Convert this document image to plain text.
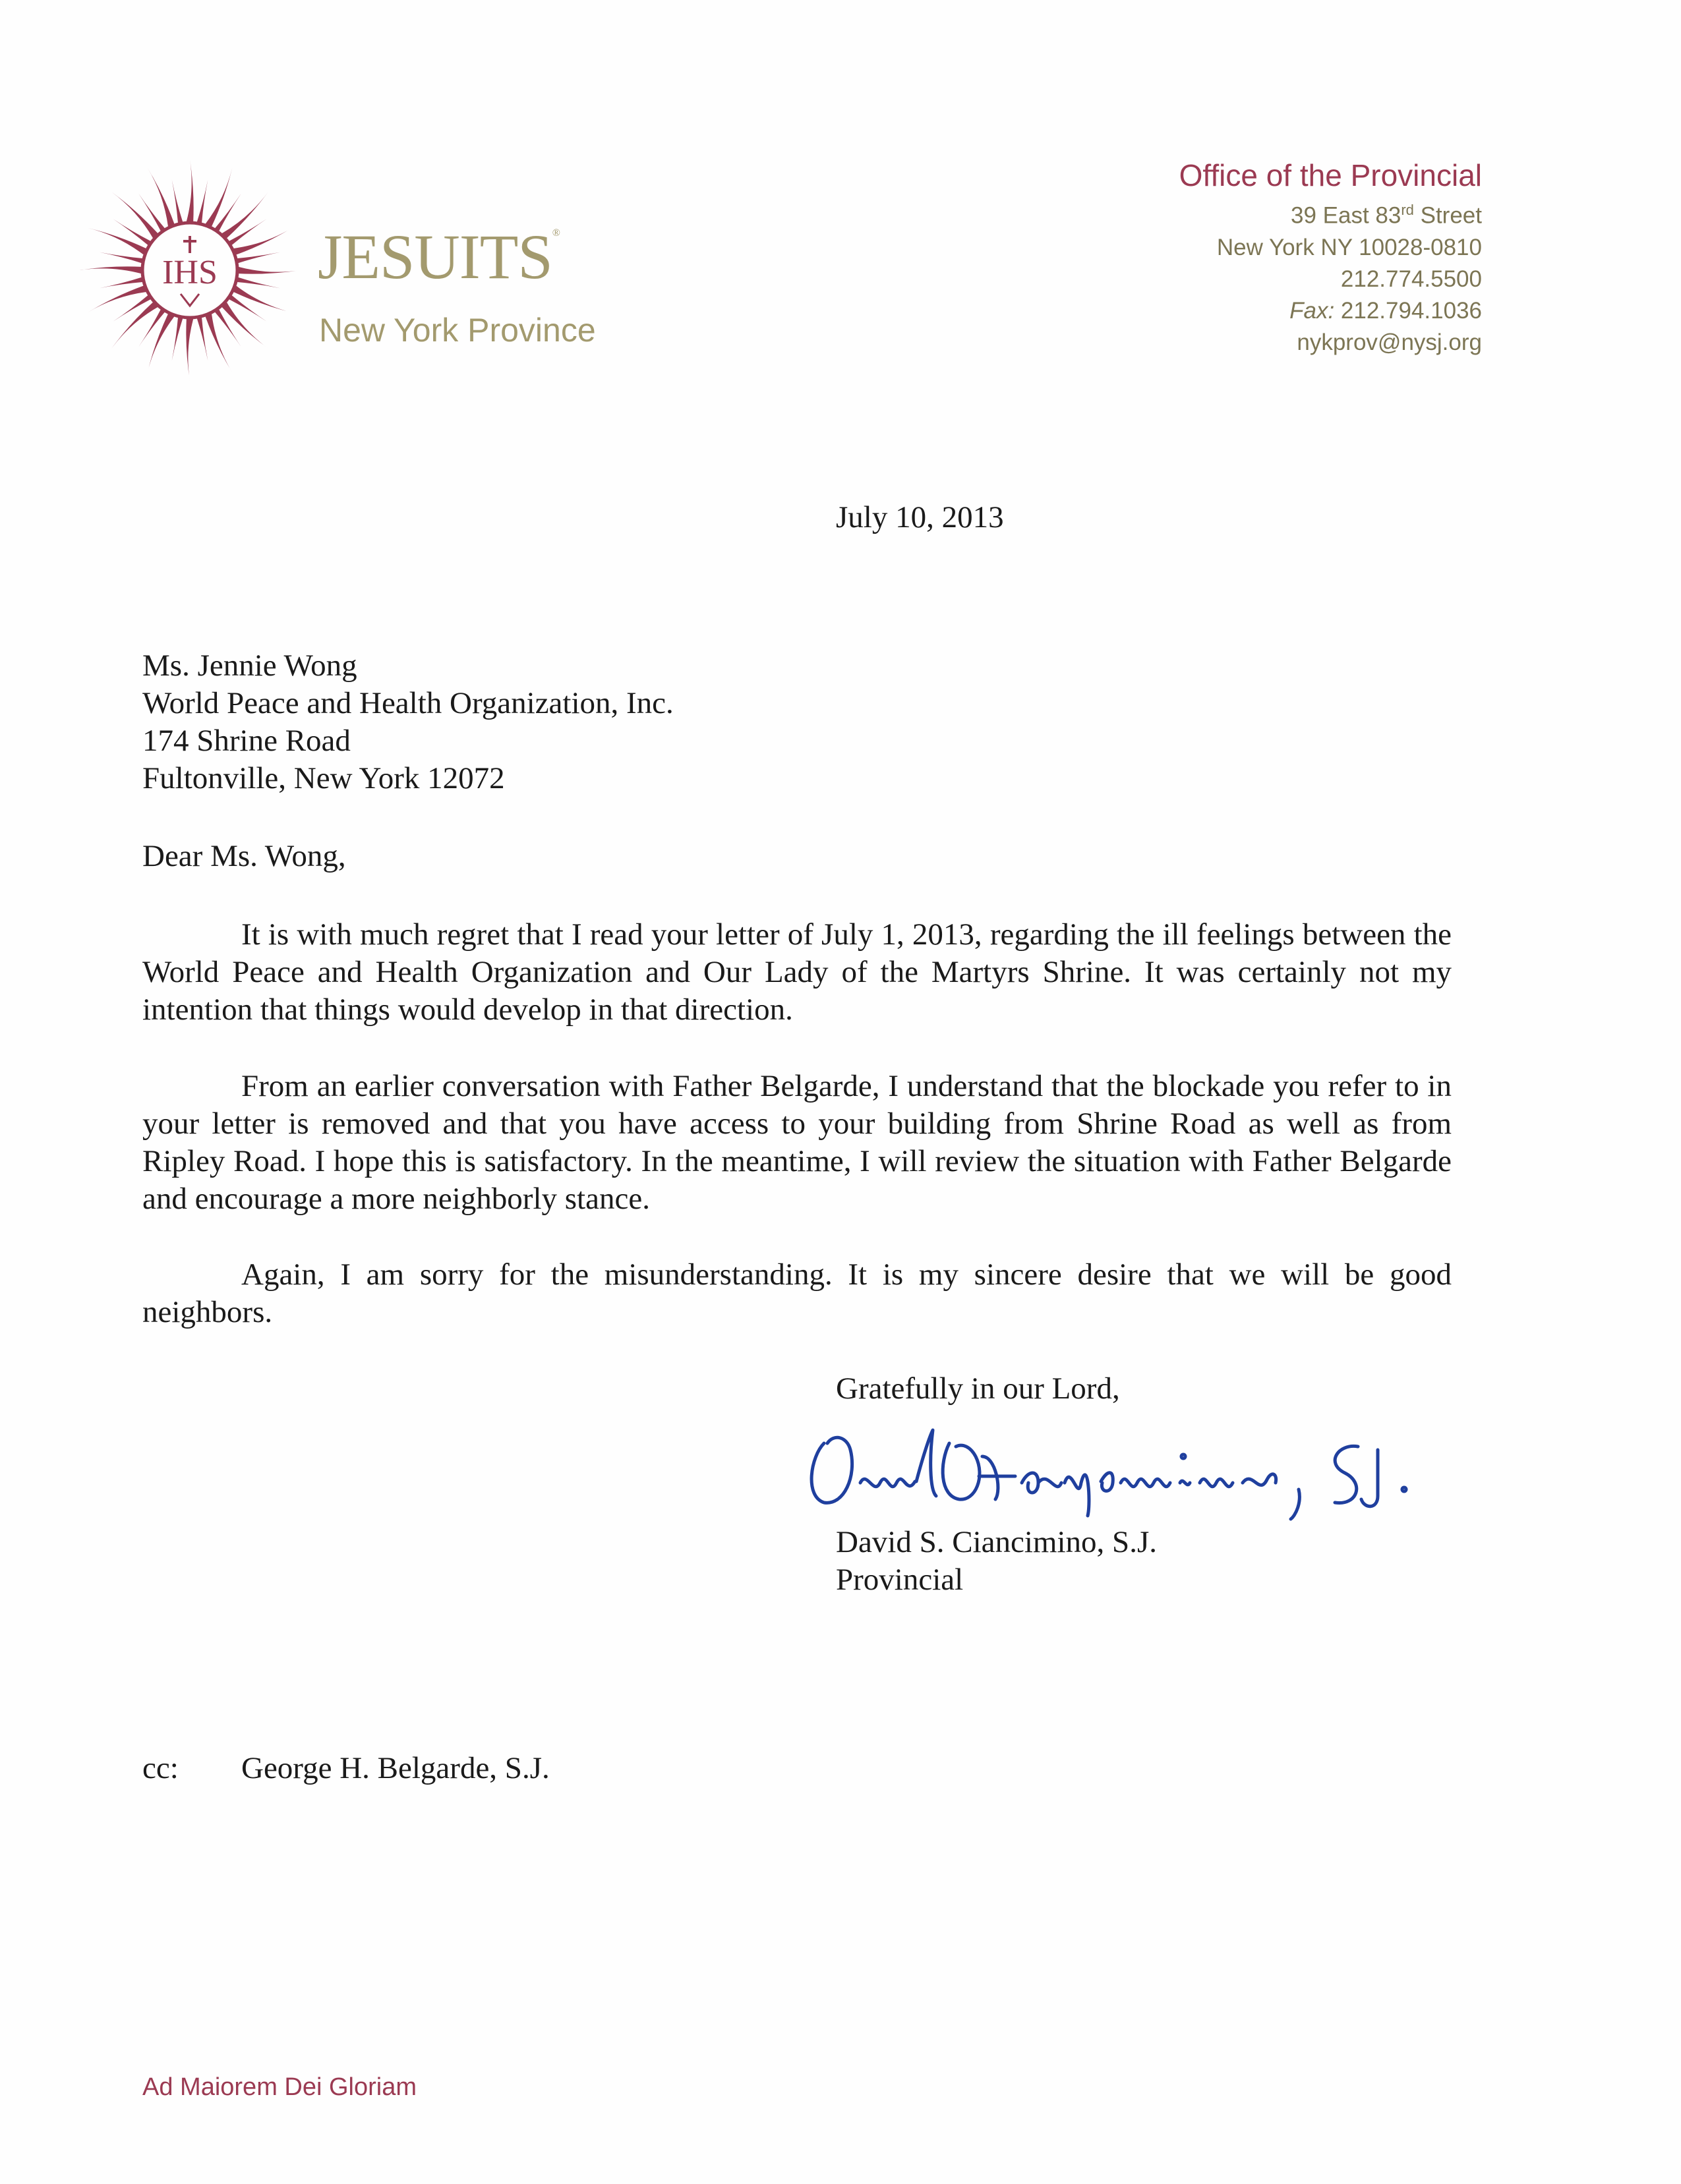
IHS JESUITS®
New York Province
Office of the Provincial
39 East 83rd Street
New York NY 10028-0810
212.774.5500
Fax: 212.794.1036
nykprov@nysj.org
July 10, 2013
Ms. Jennie Wong
World Peace and Health Organization, Inc.
174 Shrine Road
Fultonville, New York 12072
Dear Ms. Wong,
It is with much regret that I read your letter of July 1, 2013, regarding the ill feelings between the World Peace and Health Organization and Our Lady of the Martyrs Shrine. It was certainly not my intention that things would develop in that direction.
From an earlier conversation with Father Belgarde, I understand that the blockade you refer to in your letter is removed and that you have access to your building from Shrine Road as well as from Ripley Road. I hope this is satisfactory. In the meantime, I will review the situation with Father Belgarde and encourage a more neighborly stance.
Again, I am sorry for the misunderstanding. It is my sincere desire that we will be good neighbors.
Gratefully in our Lord,
David Ciancimino, S.J.
David S. Ciancimino, S.J.
Provincial
cc: George H. Belgarde, S.J.
Ad Maiorem Dei Gloriam
